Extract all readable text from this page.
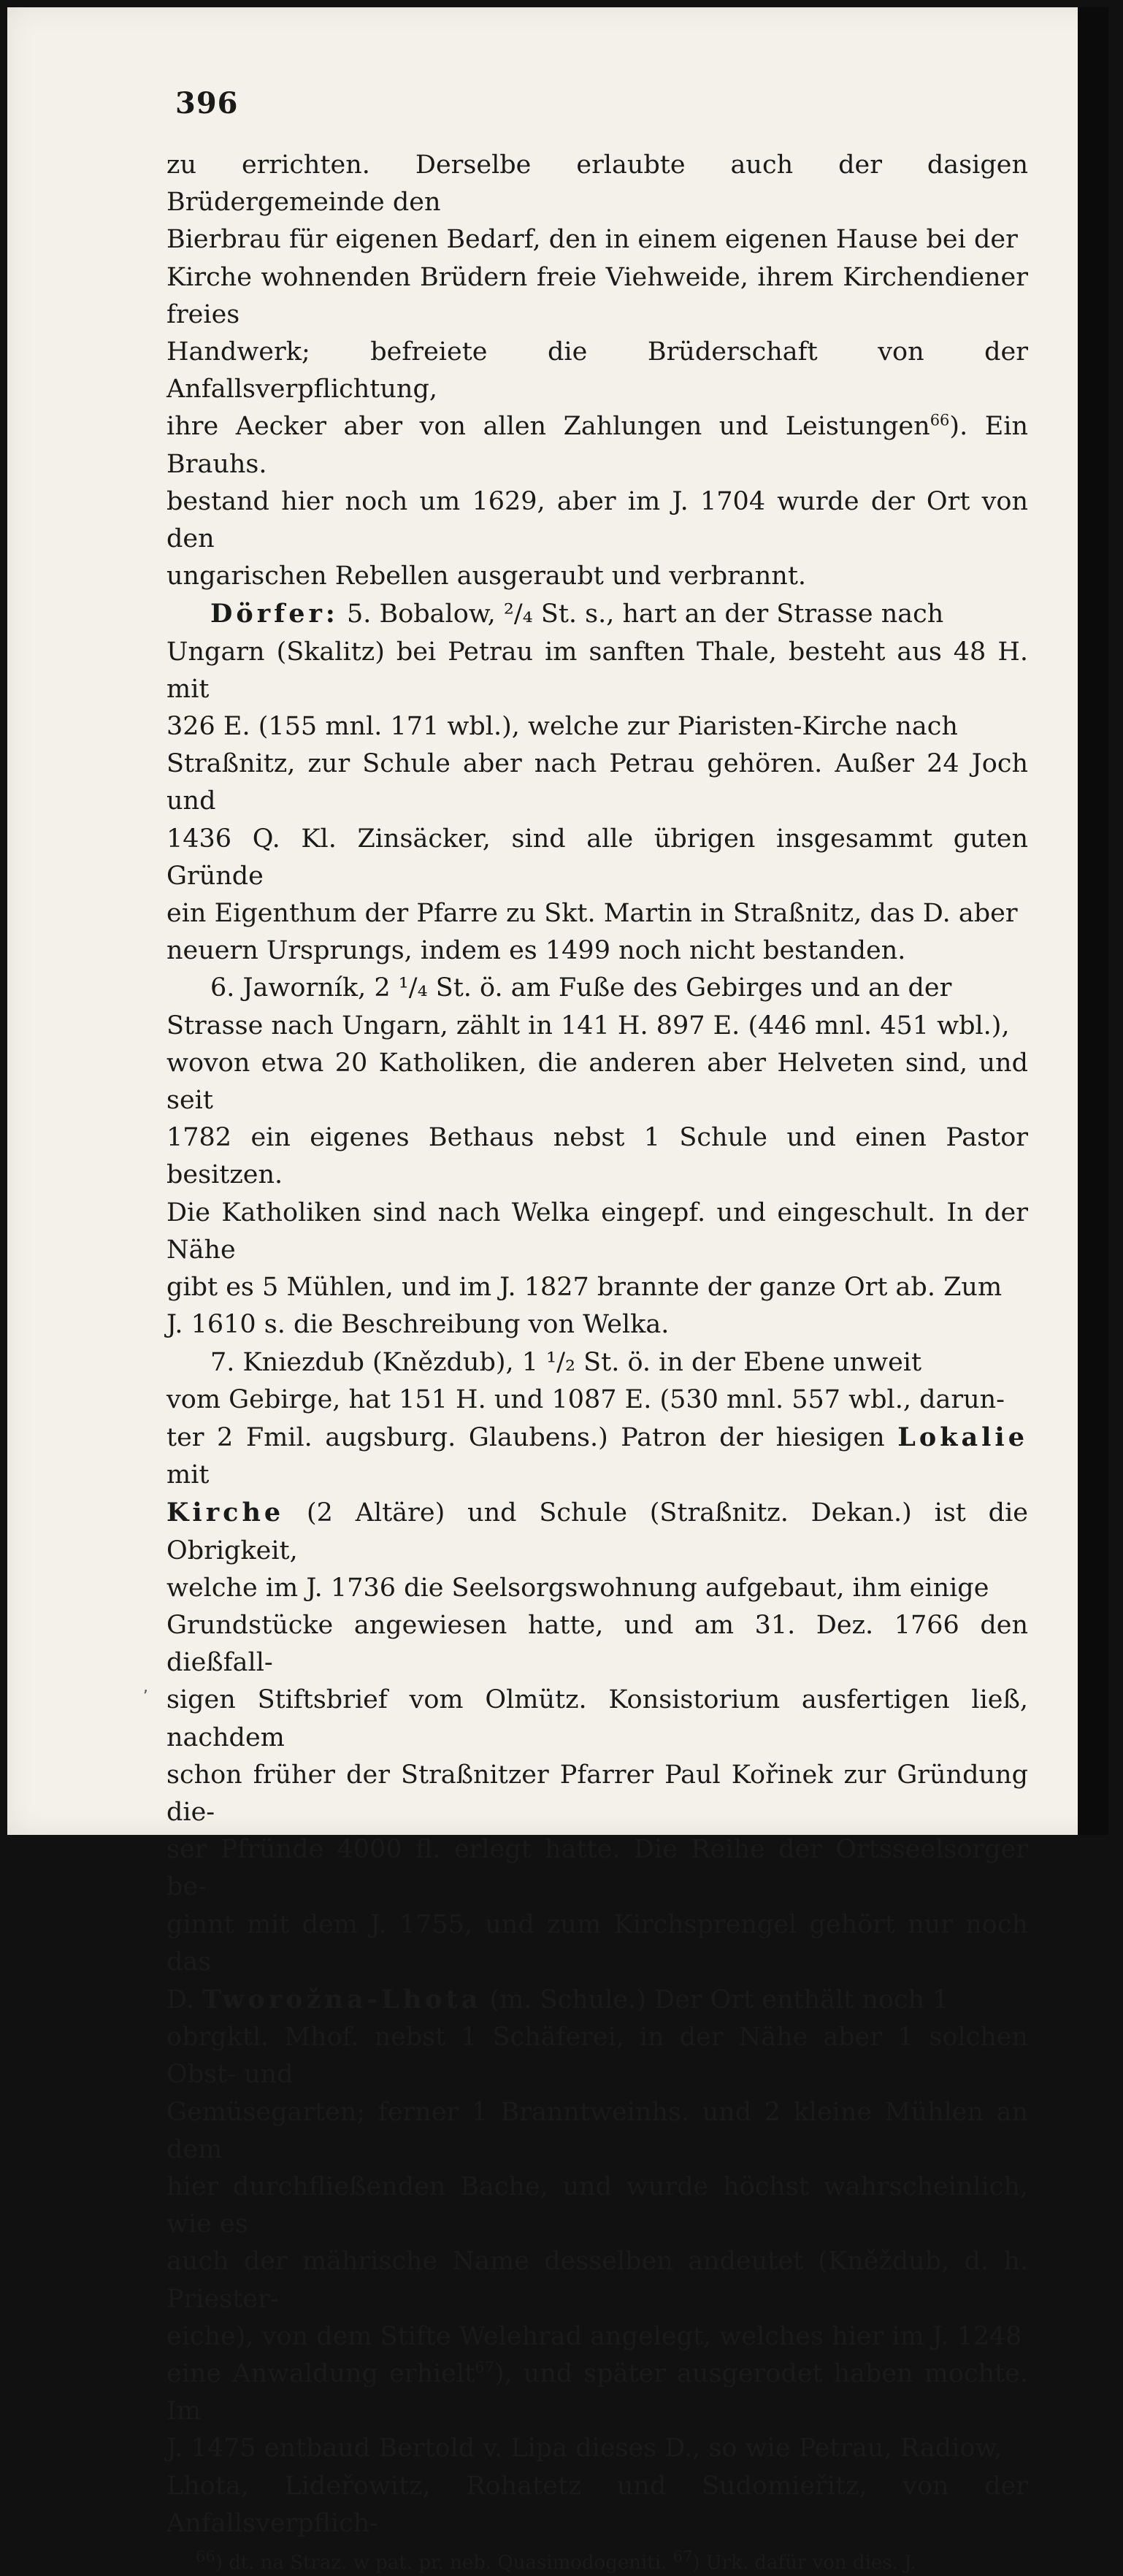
,
396

zu errichten. Derselbe erlaubte auch der dasigen Brüdergemeinde den
Bierbrau für eigenen Bedarf, den in einem eigenen Hause bei der
Kirche wohnenden Brüdern freie Viehweide, ihrem Kirchendiener freies
Handwerk; befreiete die Brüderschaft von der Anfallsverpflichtung,
ihre Aecker aber von allen Zahlungen und Leistungen$^{66}$). Ein Brauhs.
bestand hier noch um 1629, aber im J. 1704 wurde der Ort von den
ungarischen Rebellen ausgeraubt und verbrannt.
Dörfer: 5. Bobalow, ²/₄ St. s., hart an der Strasse nach
Ungarn (Skalitz) bei Petrau im sanften Thale, besteht aus 48 H. mit
326 E. (155 mnl. 171 wbl.), welche zur Piaristen-Kirche nach
Straßnitz, zur Schule aber nach Petrau gehören. Außer 24 Joch und
1436 Q. Kl. Zinsäcker, sind alle übrigen insgesammt guten Gründe
ein Eigenthum der Pfarre zu Skt. Martin in Straßnitz, das D. aber
neuern Ursprungs, indem es 1499 noch nicht bestanden.
6. Jaworník, 2 ¹/₄ St. ö. am Fuße des Gebirges und an der
Strasse nach Ungarn, zählt in 141 H. 897 E. (446 mnl. 451 wbl.),
wovon etwa 20 Katholiken, die anderen aber Helveten sind, und seit
1782 ein eigenes Bethaus nebst 1 Schule und einen Pastor besitzen.
Die Katholiken sind nach Welka eingepf. und eingeschult. In der Nähe
gibt es 5 Mühlen, und im J. 1827 brannte der ganze Ort ab. Zum
J. 1610 s. die Beschreibung von Welka.
7. Kniezdub (Knězdub), 1 ¹/₂ St. ö. in der Ebene unweit
vom Gebirge, hat 151 H. und 1087 E. (530 mnl. 557 wbl., darun-
ter 2 Fmil. augsburg. Glaubens.) Patron der hiesigen Lokalie mit
Kirche (2 Altäre) und Schule (Straßnitz. Dekan.) ist die Obrigkeit,
welche im J. 1736 die Seelsorgswohnung aufgebaut, ihm einige
Grundstücke angewiesen hatte, und am 31. Dez. 1766 den dießfall-
sigen Stiftsbrief vom Olmütz. Konsistorium ausfertigen ließ, nachdem
schon früher der Straßnitzer Pfarrer Paul Kořinek zur Gründung die-
ser Pfründe 4000 fl. erlegt hatte. Die Reihe der Ortsseelsorger be-
ginnt mit dem J. 1755, und zum Kirchsprengel gehört nur noch das
D. Tworožna-Lhota (m. Schule.) Der Ort enthält noch 1
obrgktl. Mhof. nebst 1 Schäferei, in der Nähe aber 1 solchen Obst- und
Gemüsegarten; ferner 1 Branntweinhs. und 2 kleine Mühlen an dem
hier durchfließenden Bache, und wurde höchst wahrscheinlich, wie es
auch der mährische Name desselben andeutet (Kněždub, d. h. Priester-
eiche), von dem Stifte Welehrad angelegt, welches hier im J. 1248
eine Anwaldung erhielt$^{67}$), und später ausgerodet haben mochte. Im
J. 1475 entbaud Bertold v. Lipa dieses D., so wie Petrau, Radiow,
Lhota, Lideřowitz, Rohatetz und Sudomieřitz, von der Anfallsverpflich-

$^{66}$) dt. na Straz. w pat. pr. neb. Quasimodogeniti. $^{67}$) Urk. dafür von dies. J.
